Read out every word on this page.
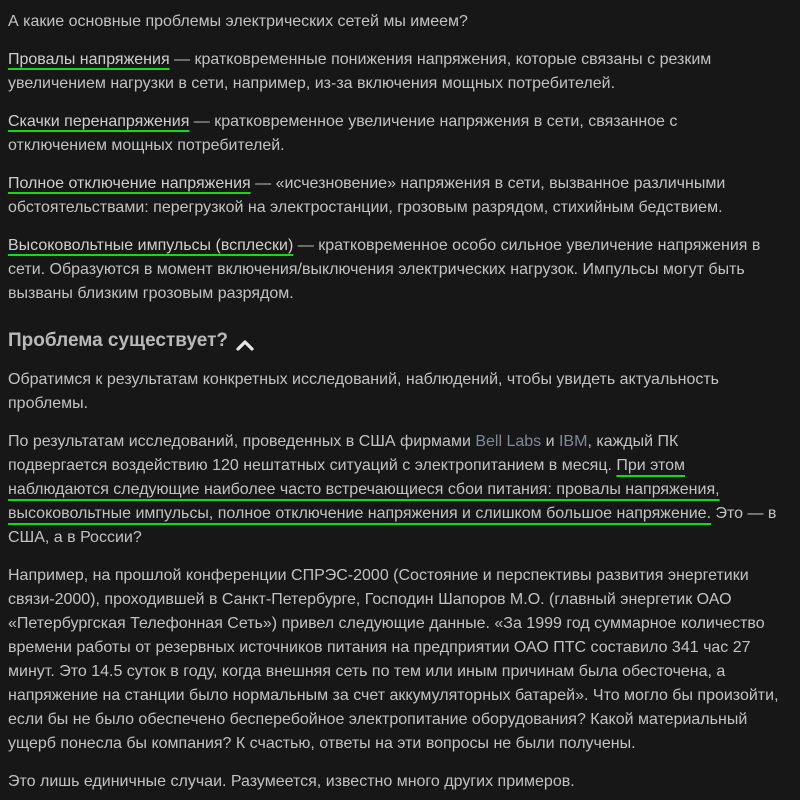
А какие основные проблемы электрических сетей мы имеем?

Провалы напряжения — кратковременные понижения напряжения, которые связаны с резким увеличением нагрузки в сети, например, из-за включения мощных потребителей.

Скачки перенапряжения — кратковременное увеличение напряжения в сети, связанное с отключением мощных потребителей.

Полное отключение напряжения — «исчезновение» напряжения в сети, вызванное различными обстоятельствами: перегрузкой на электростанции, грозовым разрядом, стихийным бедствием.

Высоковольтные импульсы (всплески) — кратковременное особо сильное увеличение напряжения в сети. Образуются в момент включения/выключения электрических нагрузок. Импульсы могут быть вызваны близким грозовым разрядом.

Проблема существует?

Обратимся к результатам конкретных исследований, наблюдений, чтобы увидеть актуальность проблемы.

По результатам исследований, проведенных в США фирмами Bell Labs и IBM, каждый ПК подвергается воздействию 120 нештатных ситуаций с электропитанием в месяц. При этом наблюдаются следующие наиболее часто встречающиеся сбои питания: провалы напряжения, высоковольтные импульсы, полное отключение напряжения и слишком большое напряжение. Это — в США, а в России?

Например, на прошлой конференции СПРЭС-2000 (Состояние и перспективы развития энергетики связи-2000), проходившей в Санкт-Петербурге, Господин Шапоров М.О. (главный энергетик ОАО «Петербургская Телефонная Сеть») привел следующие данные. «За 1999 год суммарное количество времени работы от резервных источников питания на предприятии ОАО ПТС составило 341 час 27 минут. Это 14.5 суток в году, когда внешняя сеть по тем или иным причинам была обесточена, а напряжение на станции было нормальным за счет аккумуляторных батарей». Что могло бы произойти, если бы не было обеспечено бесперебойное электропитание оборудования? Какой материальный ущерб понесла бы компания? К счастью, ответы на эти вопросы не были получены.

Это лишь единичные случаи. Разумеется, известно много других примеров.
